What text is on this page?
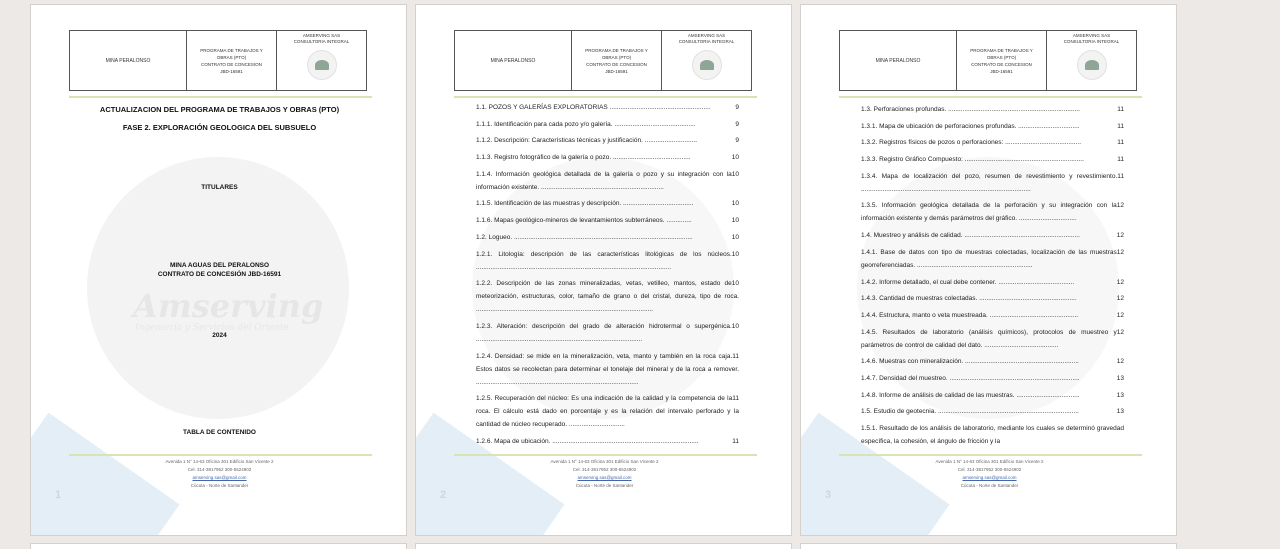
1
MINA PERALONSO
PROGRAMA DE TRABAJOS Y
OBRAS (PTO)
CONTRATO DE CONCESION
JBD-16591
AMSERVING SAS
CONSULTORIA INTEGRAL
Amserving
Ingeniería y Servicios del Oriente
ACTUALIZACION DEL PROGRAMA DE TRABAJOS Y OBRAS (PTO)
FASE 2. EXPLORACIÓN GEOLOGICA DEL SUBSUELO
TITULARES
MINA AGUAS DEL PERALONSO
CONTRATO DE CONCESIÓN JBD-16591
2024
TABLA DE CONTENIDO
Avenida 1 N° 14-63 Oficina 301 Edificio San Vicente 2
Cel. 314-3817952 300-5524902
amserving.sas@gmail.com
Cúcuta - Norte de Santander
2
MINA PERALONSO
PROGRAMA DE TRABAJOS Y
OBRAS (PTO)
CONTRATO DE CONCESION
JBD-16591
AMSERVING SAS
CONSULTORIA INTEGRAL
9
1.1. POZOS Y GALERÍAS EXPLORATORIAS ........................................................
9
1.1.1. Identificación para cada pozo y/o galería. .............................................
9
1.1.2. Descripción: Características técnicas y justificación. .............................
10
1.1.3. Registro fotográfico de la galería o pozo. ...........................................
10
1.1.4. Información geológica detallada de la galería o pozo y su integración con la información existente. ....................................................................
10
1.1.5. Identificación de las muestras y descripción. .......................................
10
1.1.6. Mapas geológico-mineros de levantamientos subterráneos. ..............
10
1.2. Logueo. ...................................................................................................
10
1.2.1. Litología: descripción de las características litológicas de los núcleos. ............................................................................................................
10
1.2.2. Descripción de las zonas mineralizadas, vetas, vetilleo, mantos, estado de meteorización, estructuras, color, tamaño de grano o del cristal, dureza, tipo de roca. ..................................................................................................
10
1.2.3. Alteración: descripción del grado de alteración hidrotermal o supergénica. ............................................................................................
11
1.2.4. Densidad: se mide en la mineralización, veta, manto y también en la roca caja. Estos datos se recolectan para determinar el tonelaje del mineral y de la roca a remover. ..........................................................................................
11
1.2.5. Recuperación del núcleo: Es una indicación de la calidad y la competencia de la roca. El cálculo está dado en porcentaje y es la relación del intervalo perforado y la cantidad de núcleo recuperado. ...............................
11
1.2.6. Mapa de ubicación. .................................................................................
Avenida 1 N° 14-63 Oficina 301 Edificio San Vicente 2
Cel. 314-3817952 300-5524902
amserving.sas@gmail.com
Cúcuta - Norte de Santander
3
MINA PERALONSO
PROGRAMA DE TRABAJOS Y
OBRAS (PTO)
CONTRATO DE CONCESION
JBD-16591
AMSERVING SAS
CONSULTORIA INTEGRAL
11
1.3. Perforaciones profundas. .........................................................................
11
1.3.1. Mapa de ubicación de perforaciones profundas. ..................................
11
1.3.2. Registros físicos de pozos o perforaciones: ..........................................
11
1.3.3. Registro Gráfico Compuesto: ..................................................................
11
1.3.4. Mapa de localización del pozo, resumen de revestimiento y revestimiento. ..............................................................................................
12
1.3.5. Información geológica detallada de la perforación y su integración con la información existente y demás parámetros del gráfico. ................................
12
1.4. Muestreo y análisis de calidad. ................................................................
12
1.4.1. Base de datos con tipo de muestras colectadas, localización de las muestras georreferenciadas. ................................................................
12
1.4.2. Informe detallado, el cual debe contener. ..........................................
12
1.4.3. Cantidad de muestras colectadas. ......................................................
12
1.4.4. Estructura, manto o veta muestreada. .................................................
12
1.4.5. Resultados de laboratorio (análisis químicos), protocolos de muestreo y parámetros de control de calidad del dato. .........................................
12
1.4.6. Muestras con mineralización. ...............................................................
13
1.4.7. Densidad del muestreo. ........................................................................
13
1.4.8. Informe de análisis de calidad de las muestras. ...................................
13
1.5. Estudio de geotecnia. ..............................................................................
1.5.1. Resultado de los análisis de laboratorio, mediante los cuales se determinó gravedad específica, la cohesión, el ángulo de fricción y la
Avenida 1 N° 14-63 Oficina 301 Edificio San Vicente 2
Cel. 314-3817952 300-5524902
amserving.sas@gmail.com
Cúcuta - Norte de Santander
